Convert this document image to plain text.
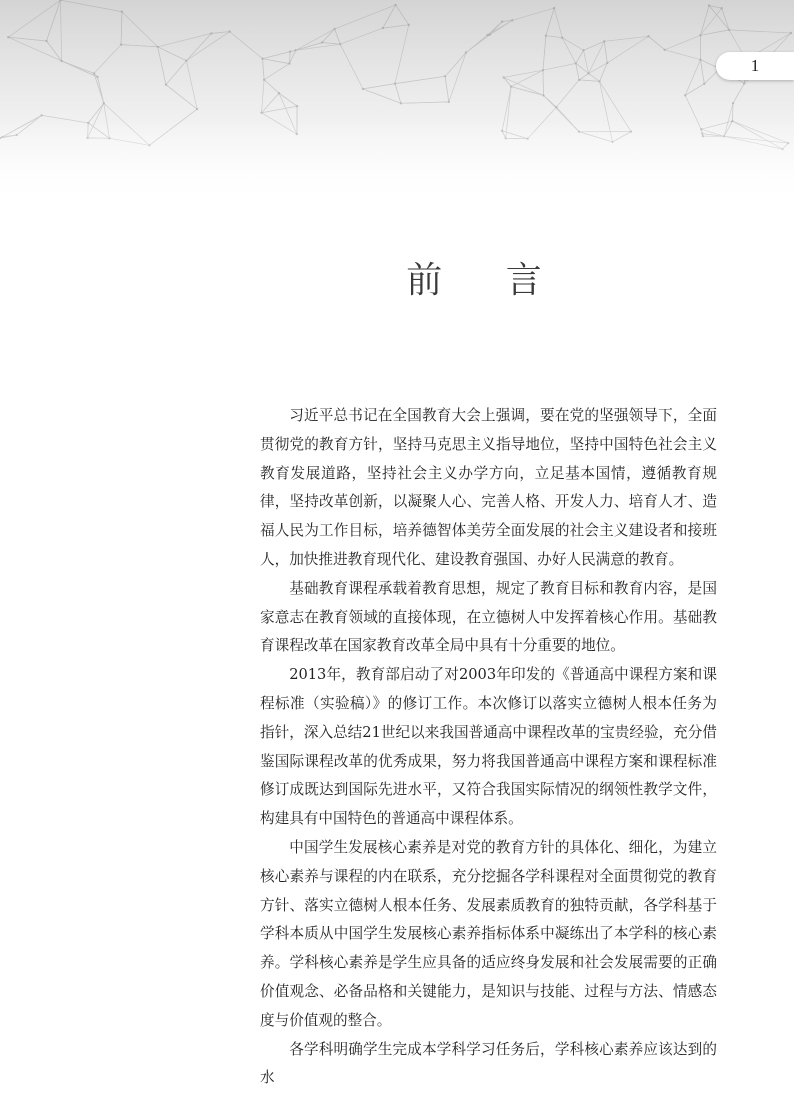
1
前 言

习近平总书记在全国教育大会上强调，要在党的坚强领导下，全面贯彻党的教育方针，坚持马克思主义指导地位，坚持中国特色社会主义教育发展道路，坚持社会主义办学方向，立足基本国情，遵循教育规律，坚持改革创新，以凝聚人心、完善人格、开发人力、培育人才、造福人民为工作目标，培养德智体美劳全面发展的社会主义建设者和接班人，加快推进教育现代化、建设教育强国、办好人民满意的教育。

基础教育课程承载着教育思想，规定了教育目标和教育内容，是国家意志在教育领域的直接体现，在立德树人中发挥着核心作用。基础教育课程改革在国家教育改革全局中具有十分重要的地位。

2013年，教育部启动了对2003年印发的《普通高中课程方案和课程标准（实验稿）》的修订工作。本次修订以落实立德树人根本任务为指针，深入总结21世纪以来我国普通高中课程改革的宝贵经验，充分借鉴国际课程改革的优秀成果，努力将我国普通高中课程方案和课程标准修订成既达到国际先进水平，又符合我国实际情况的纲领性教学文件，构建具有中国特色的普通高中课程体系。

中国学生发展核心素养是对党的教育方针的具体化、细化，为建立核心素养与课程的内在联系，充分挖掘各学科课程对全面贯彻党的教育方针、落实立德树人根本任务、发展素质教育的独特贡献，各学科基于学科本质从中国学生发展核心素养指标体系中凝练出了本学科的核心素养。学科核心素养是学生应具备的适应终身发展和社会发展需要的正确价值观念、必备品格和关键能力，是知识与技能、过程与方法、情感态度与价值观的整合。

各学科明确学生完成本学科学习任务后，学科核心素养应该达到的水
